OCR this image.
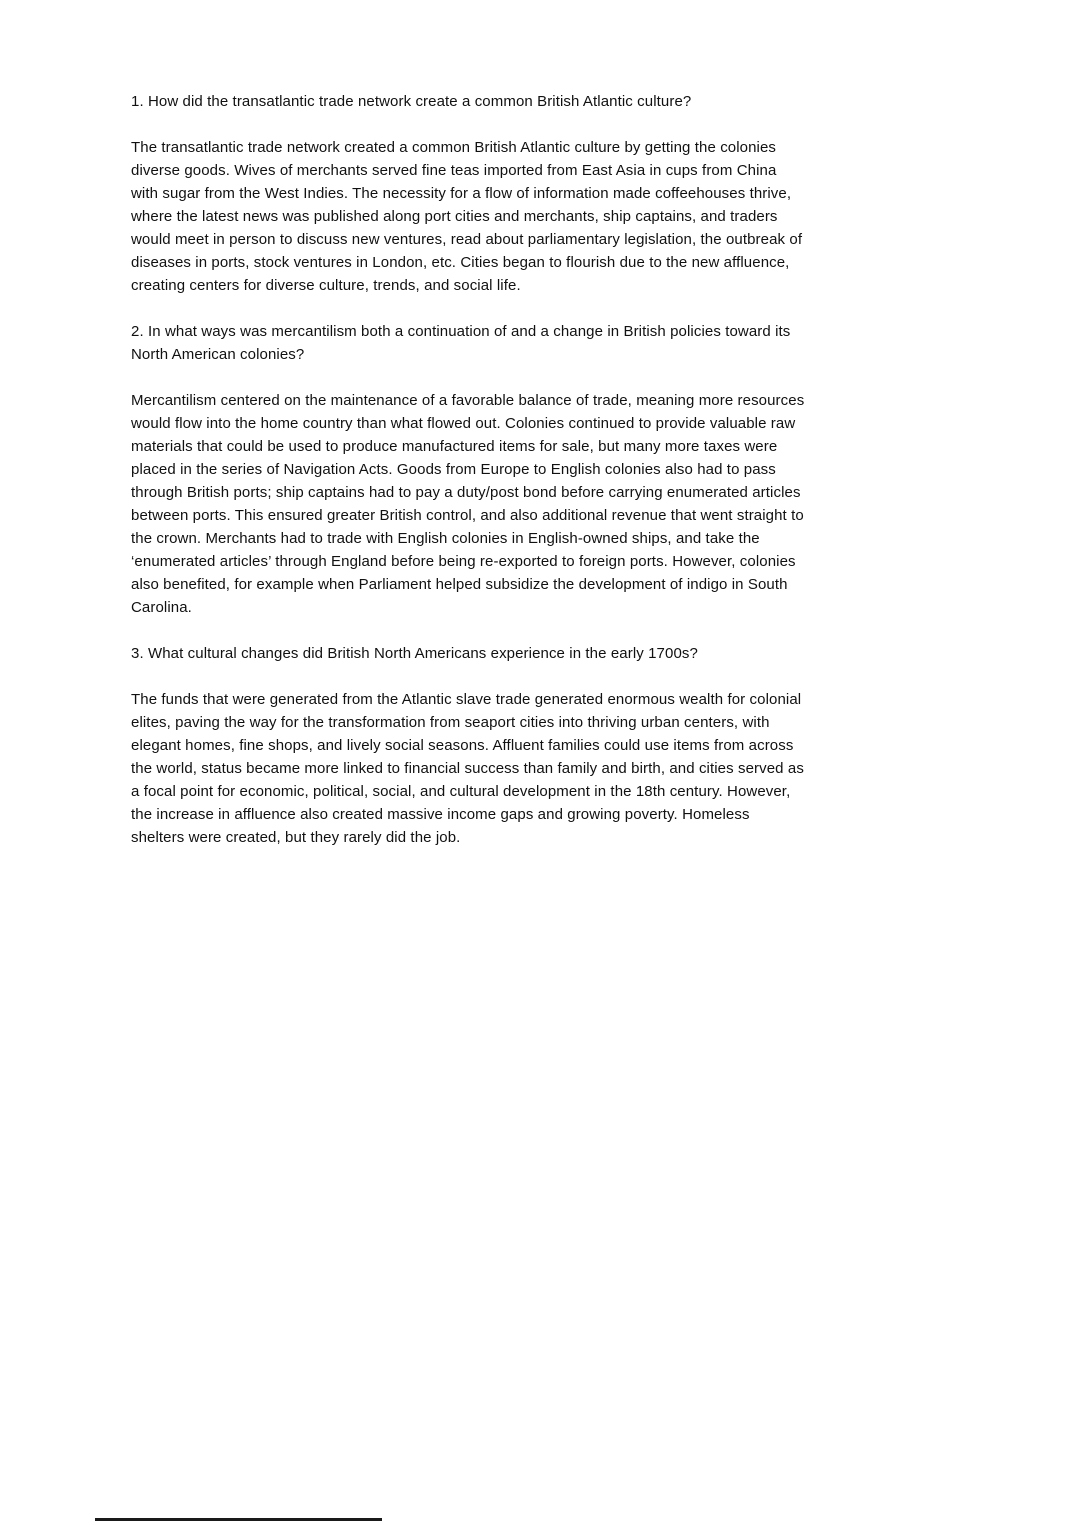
1. How did the transatlantic trade network create a common British Atlantic culture?

The transatlantic trade network created a common British Atlantic culture by getting the colonies diverse goods. Wives of merchants served fine teas imported from East Asia in cups from China with sugar from the West Indies. The necessity for a flow of information made coffeehouses thrive, where the latest news was published along port cities and merchants, ship captains, and traders would meet in person to discuss new ventures, read about parliamentary legislation, the outbreak of diseases in ports, stock ventures in London, etc. Cities began to flourish due to the new affluence, creating centers for diverse culture, trends, and social life.

2. In what ways was mercantilism both a continuation of and a change in British policies toward its North American colonies?

Mercantilism centered on the maintenance of a favorable balance of trade, meaning more resources would flow into the home country than what flowed out. Colonies continued to provide valuable raw materials that could be used to produce manufactured items for sale, but many more taxes were placed in the series of Navigation Acts. Goods from Europe to English colonies also had to pass through British ports; ship captains had to pay a duty/post bond before carrying enumerated articles between ports. This ensured greater British control, and also additional revenue that went straight to the crown. Merchants had to trade with English colonies in English-owned ships, and take the ‘enumerated articles’ through England before being re-exported to foreign ports. However, colonies also benefited, for example when Parliament helped subsidize the development of indigo in South Carolina.

3. What cultural changes did British North Americans experience in the early 1700s?

The funds that were generated from the Atlantic slave trade generated enormous wealth for colonial elites, paving the way for the transformation from seaport cities into thriving urban centers, with elegant homes, fine shops, and lively social seasons. Affluent families could use items from across the world, status became more linked to financial success than family and birth, and cities served as a focal point for economic, political, social, and cultural development in the 18th century. However, the increase in affluence also created massive income gaps and growing poverty. Homeless shelters were created, but they rarely did the job.
